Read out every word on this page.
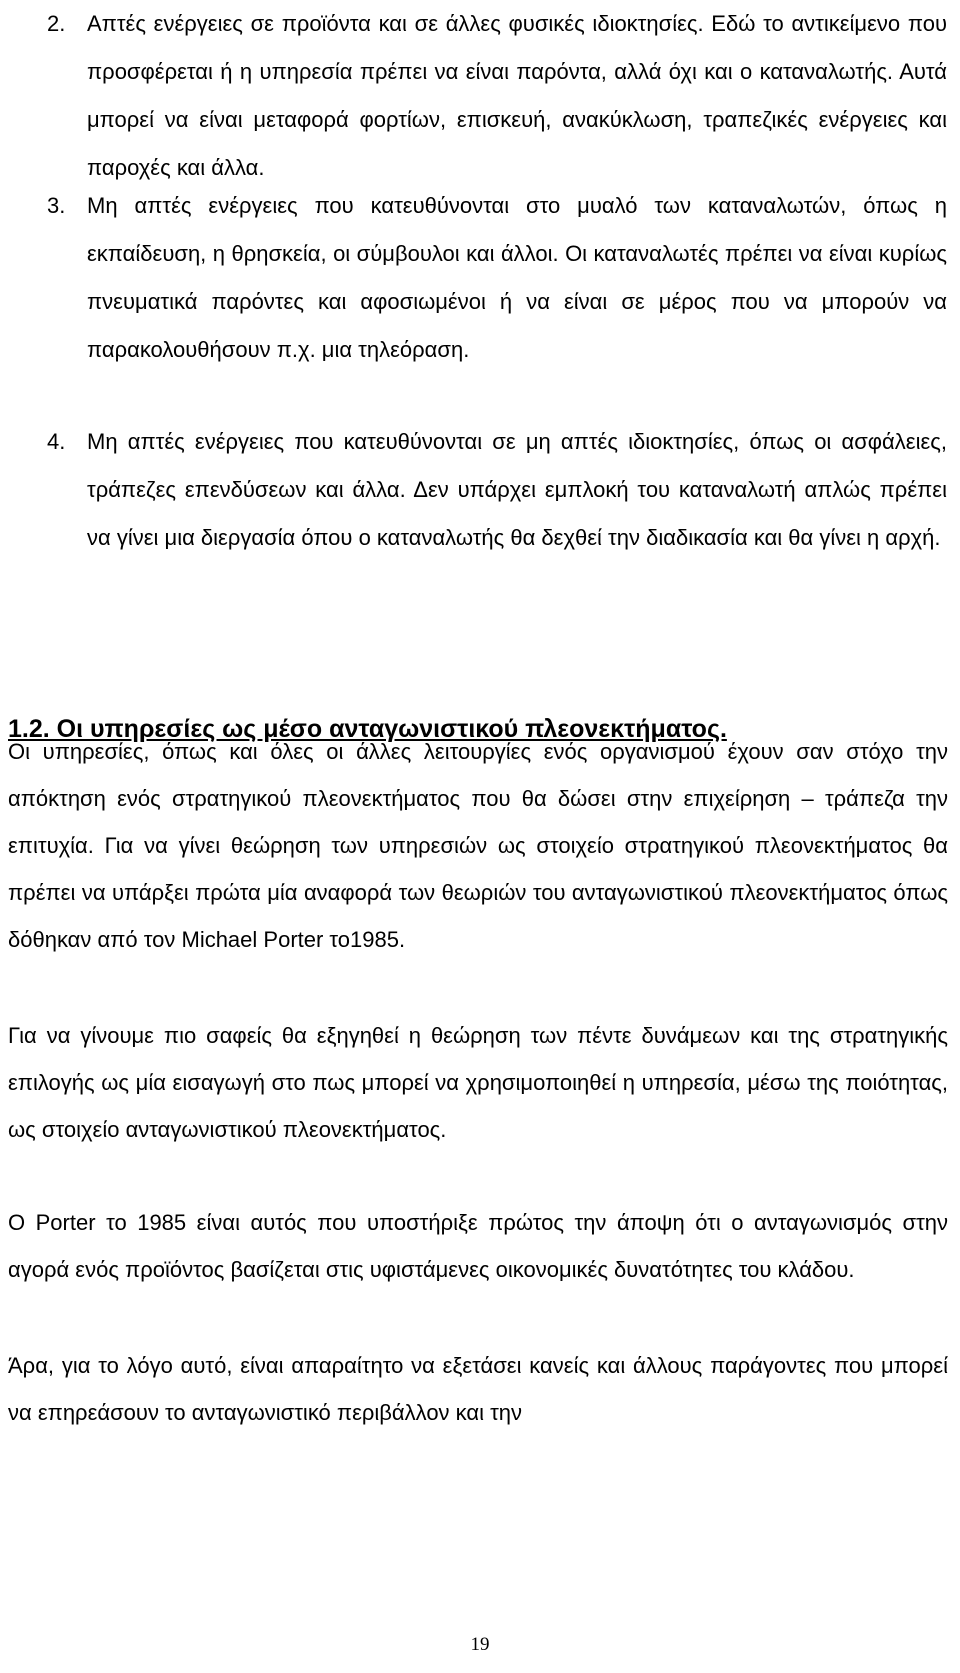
2. Απτές ενέργειες σε προϊόντα και σε άλλες φυσικές ιδιοκτησίες. Εδώ το αντικείμενο που προσφέρεται ή η υπηρεσία πρέπει να είναι παρόντα, αλλά όχι και ο καταναλωτής. Αυτά μπορεί να είναι μεταφορά φορτίων, επισκευή, ανακύκλωση, τραπεζικές ενέργειες και παροχές και άλλα.
3. Μη απτές ενέργειες που κατευθύνονται στο μυαλό των καταναλωτών, όπως η εκπαίδευση, η θρησκεία, οι σύμβουλοι και άλλοι. Οι καταναλωτές πρέπει να είναι κυρίως πνευματικά παρόντες και αφοσιωμένοι ή να είναι σε μέρος που να μπορούν να παρακολουθήσουν π.χ. μια τηλεόραση.
4. Μη απτές ενέργειες που κατευθύνονται σε μη απτές ιδιοκτησίες, όπως οι ασφάλειες, τράπεζες επενδύσεων και άλλα. Δεν υπάρχει εμπλοκή του καταναλωτή απλώς πρέπει να γίνει μια διεργασία όπου ο καταναλωτής θα δεχθεί την διαδικασία και θα γίνει η αρχή.
1.2. Οι υπηρεσίες ως μέσο ανταγωνιστικού πλεονεκτήματος.

Οι υπηρεσίες, όπως και όλες οι άλλες λειτουργίες ενός οργανισμού έχουν σαν στόχο την απόκτηση ενός στρατηγικού πλεονεκτήματος που θα δώσει στην επιχείρηση – τράπεζα την επιτυχία. Για να γίνει θεώρηση των υπηρεσιών ως στοιχείο στρατηγικού πλεονεκτήματος θα πρέπει να υπάρξει πρώτα μία αναφορά των θεωριών του ανταγωνιστικού πλεονεκτήματος όπως δόθηκαν από τον Michael Porter το1985.

Για να γίνουμε πιο σαφείς θα εξηγηθεί η θεώρηση των πέντε δυνάμεων και της στρατηγικής επιλογής ως μία εισαγωγή στο πως μπορεί να χρησιμοποιηθεί η υπηρεσία, μέσω της ποιότητας, ως στοιχείο ανταγωνιστικού πλεονεκτήματος.

Ο Porter το 1985 είναι αυτός που υποστήριξε πρώτος την άποψη ότι ο ανταγωνισμός στην αγορά ενός προϊόντος βασίζεται στις υφιστάμενες οικονομικές δυνατότητες του κλάδου.

Άρα, για το λόγο αυτό, είναι απαραίτητο να εξετάσει κανείς και άλλους παράγοντες που μπορεί να επηρεάσουν το ανταγωνιστικό περιβάλλον και την

19
